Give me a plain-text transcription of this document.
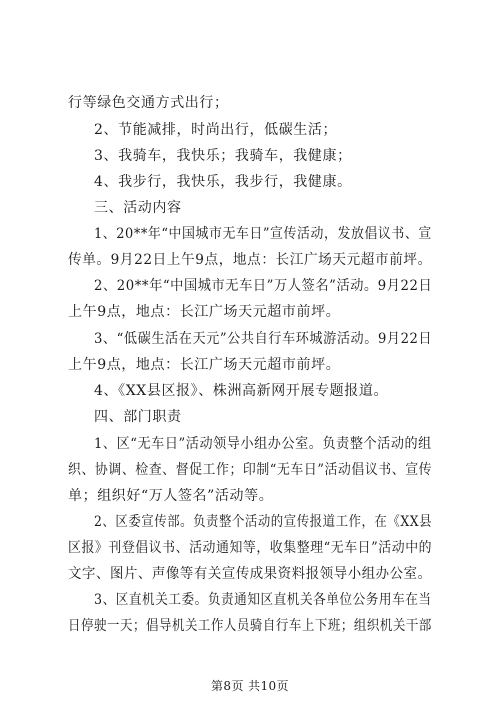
行等绿色交通方式出行；
2、节能减排，时尚出行，低碳生活；
3、我骑车，我快乐；我骑车，我健康；
4、我步行，我快乐，我步行，我健康。
三、活动内容
1、20**年“中国城市无车日”宣传活动，发放倡议书、宣
传单。9月22日上午9点，地点：长江广场天元超市前坪。
2、20**年“中国城市无车日”万人签名”活动。9月22日
上午9点，地点：长江广场天元超市前坪。
3、“低碳生活在天元”公共自行车环城游活动。9月22日
上午9点，地点：长江广场天元超市前坪。
4、《XX县区报》、株洲高新网开展专题报道。
四、部门职责
1、区“无车日”活动领导小组办公室。负责整个活动的组
织、协调、检查、督促工作；印制“无车日”活动倡议书、宣传
单；组织好“万人签名”活动等。
2、区委宣传部。负责整个活动的宣传报道工作，在《XX县
区报》刊登倡议书、活动通知等，收集整理“无车日”活动中的
文字、图片、声像等有关宣传成果资料报领导小组办公室。
3、区直机关工委。负责通知区直机关各单位公务用车在当
日停驶一天；倡导机关工作人员骑自行车上下班；组织机关干部
第8页 共10页
